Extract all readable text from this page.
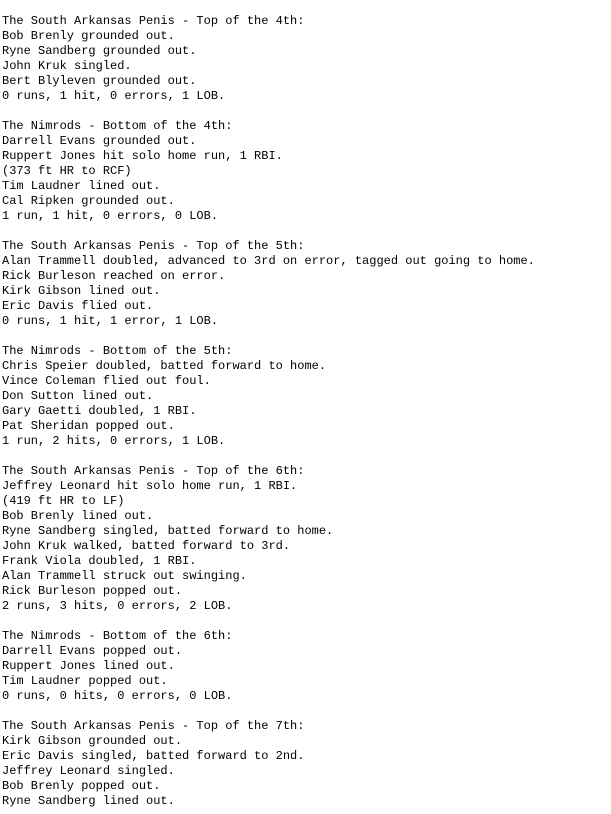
The South Arkansas Penis - Top of the 4th:
Bob Brenly grounded out.
Ryne Sandberg grounded out.
John Kruk singled.
Bert Blyleven grounded out.
0 runs, 1 hit, 0 errors, 1 LOB.
The Nimrods - Bottom of the 4th:
Darrell Evans grounded out.
Ruppert Jones hit solo home run, 1 RBI.
(373 ft HR to RCF)
Tim Laudner lined out.
Cal Ripken grounded out.
1 run, 1 hit, 0 errors, 0 LOB.
The South Arkansas Penis - Top of the 5th:
Alan Trammell doubled, advanced to 3rd on error, tagged out going to home.
Rick Burleson reached on error.
Kirk Gibson lined out.
Eric Davis flied out.
0 runs, 1 hit, 1 error, 1 LOB.
The Nimrods - Bottom of the 5th:
Chris Speier doubled, batted forward to home.
Vince Coleman flied out foul.
Don Sutton lined out.
Gary Gaetti doubled, 1 RBI.
Pat Sheridan popped out.
1 run, 2 hits, 0 errors, 1 LOB.
The South Arkansas Penis - Top of the 6th:
Jeffrey Leonard hit solo home run, 1 RBI.
(419 ft HR to LF)
Bob Brenly lined out.
Ryne Sandberg singled, batted forward to home.
John Kruk walked, batted forward to 3rd.
Frank Viola doubled, 1 RBI.
Alan Trammell struck out swinging.
Rick Burleson popped out.
2 runs, 3 hits, 0 errors, 2 LOB.
The Nimrods - Bottom of the 6th:
Darrell Evans popped out.
Ruppert Jones lined out.
Tim Laudner popped out.
0 runs, 0 hits, 0 errors, 0 LOB.
The South Arkansas Penis - Top of the 7th:
Kirk Gibson grounded out.
Eric Davis singled, batted forward to 2nd.
Jeffrey Leonard singled.
Bob Brenly popped out.
Ryne Sandberg lined out.
